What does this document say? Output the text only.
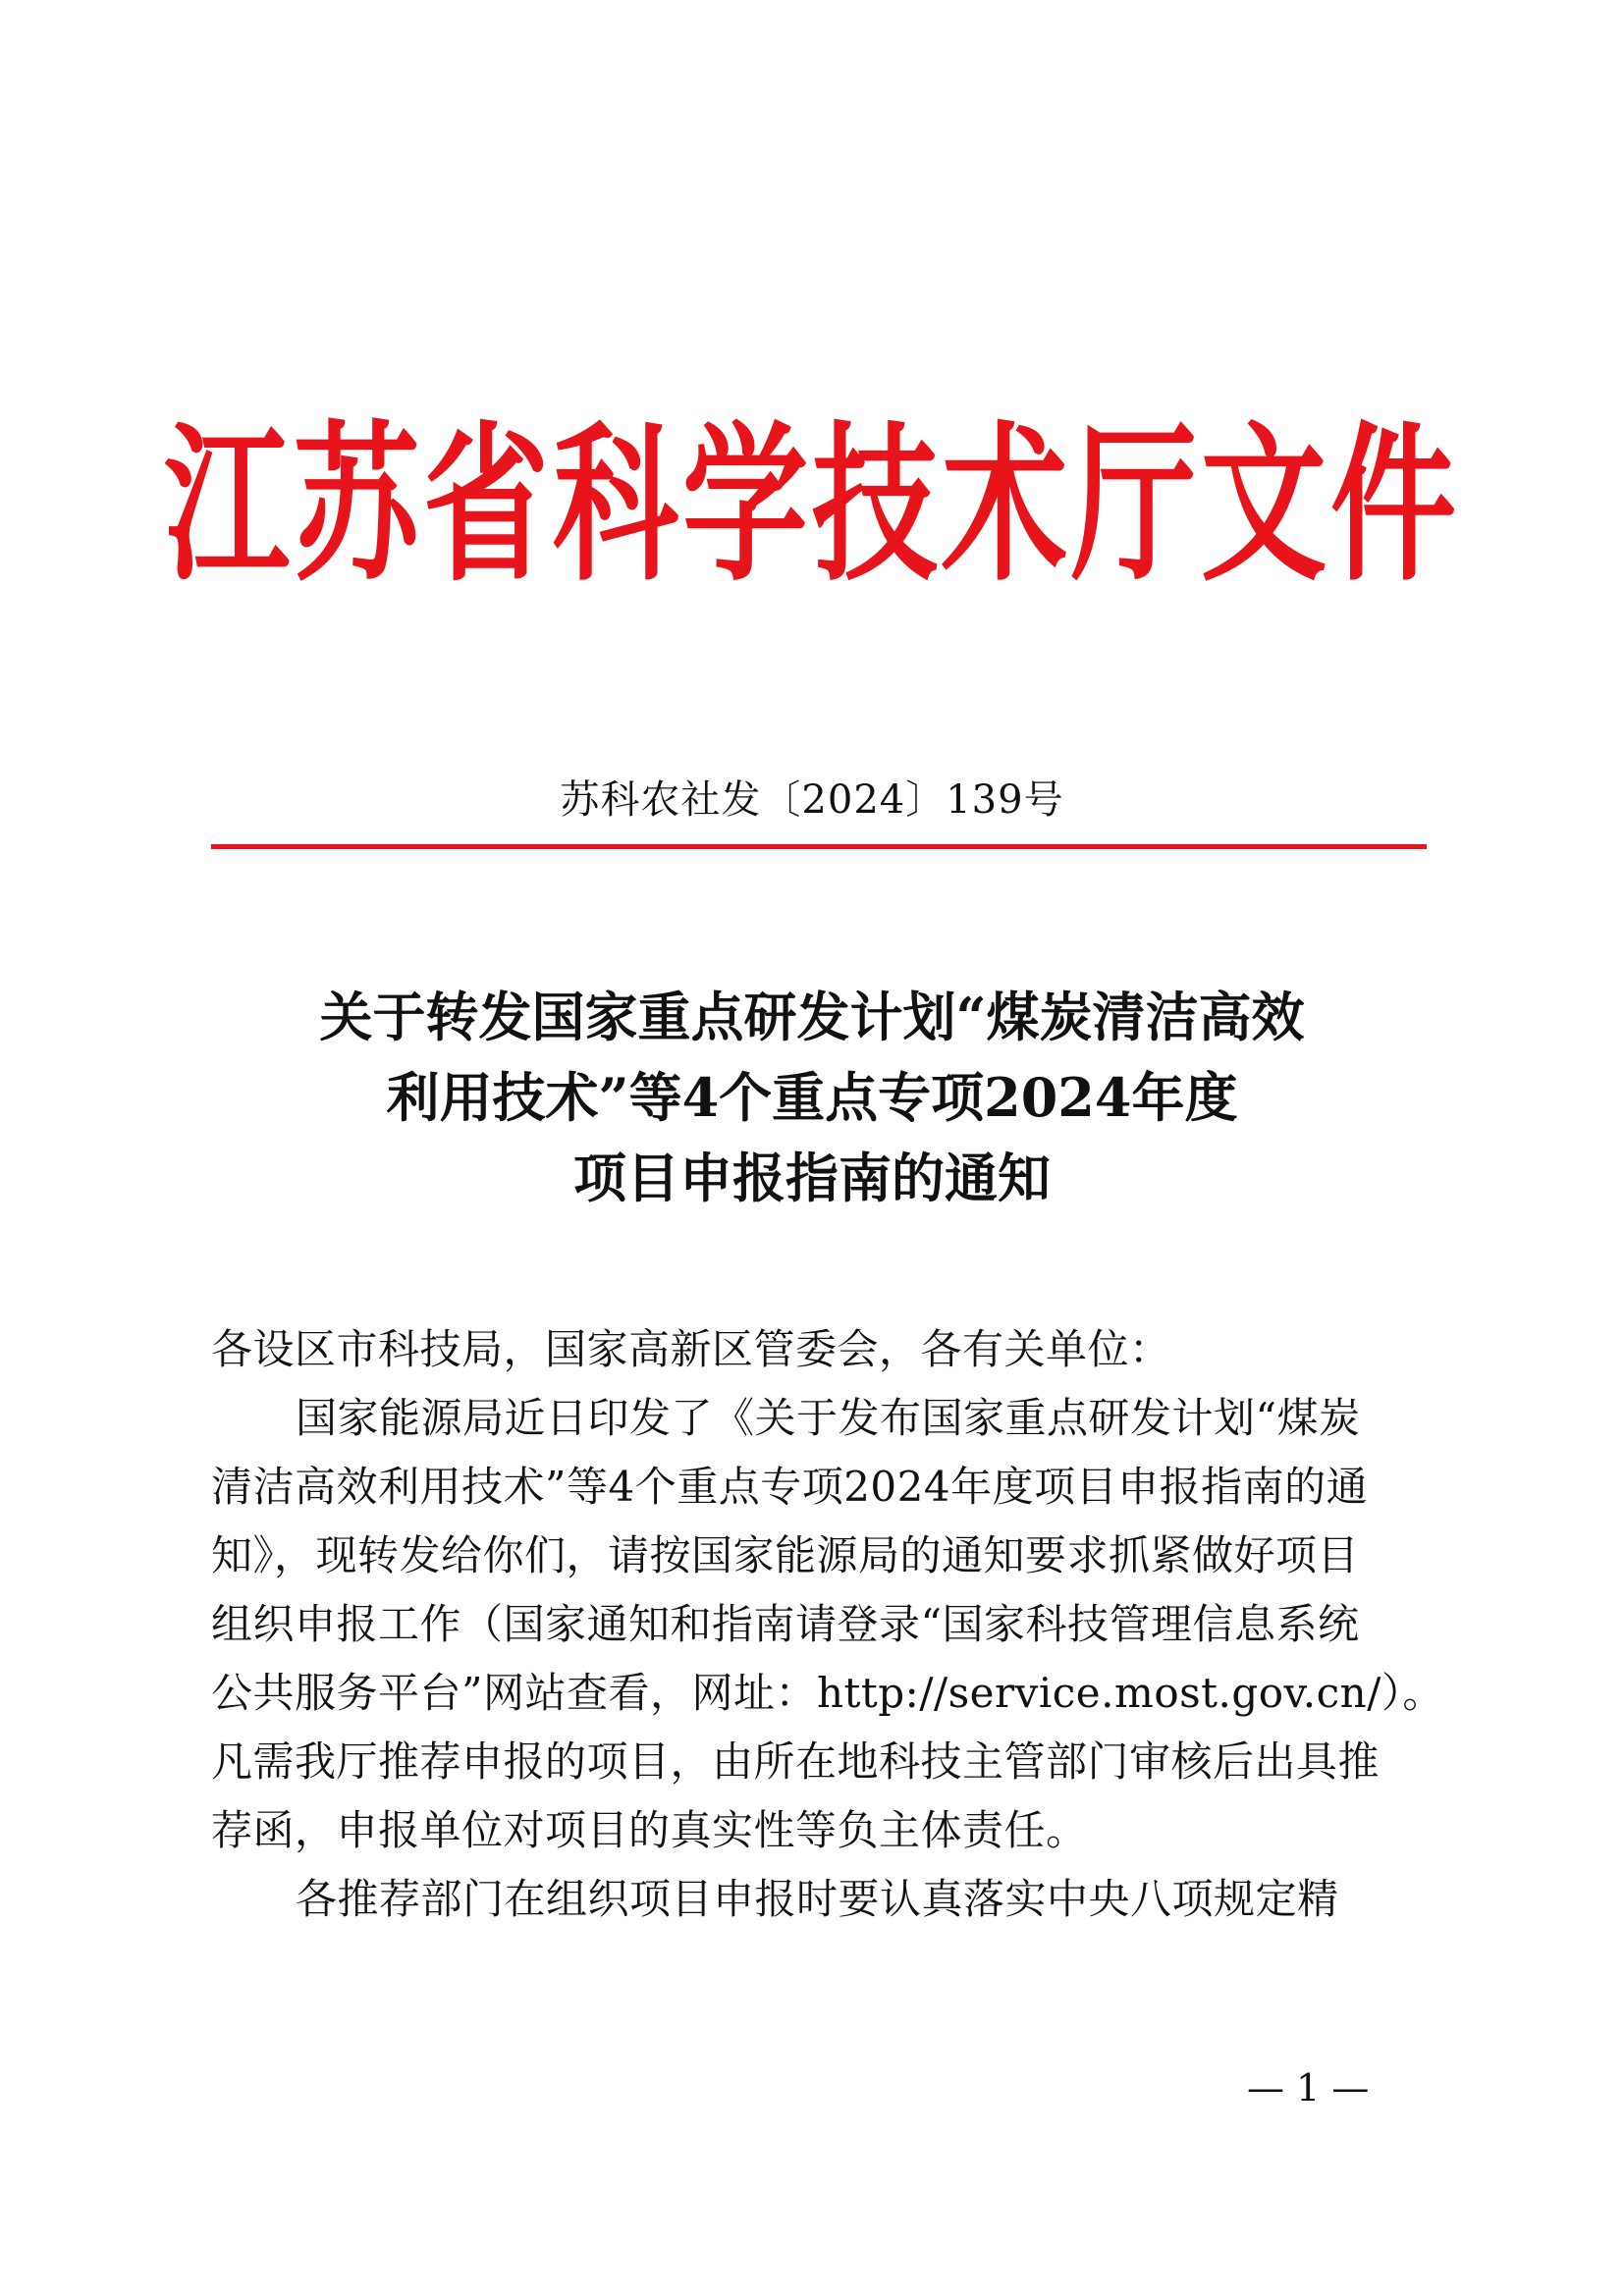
江苏省科学技术厅文件
苏科农社发〔2024〕139号
关于转发国家重点研发计划“煤炭清洁高效
利用技术”等4个重点专项2024年度
项目申报指南的通知
各设区市科技局，国家高新区管委会，各有关单位：
国家能源局近日印发了《关于发布国家重点研发计划“煤炭
清洁高效利用技术”等4个重点专项2024年度项目申报指南的通
知》，现转发给你们，请按国家能源局的通知要求抓紧做好项目
组织申报工作（国家通知和指南请登录“国家科技管理信息系统
公共服务平台”网站查看，网址：http://service.most.gov.cn/）。
凡需我厅推荐申报的项目，由所在地科技主管部门审核后出具推
荐函，申报单位对项目的真实性等负主体责任。
各推荐部门在组织项目申报时要认真落实中央八项规定精
— 1 —
